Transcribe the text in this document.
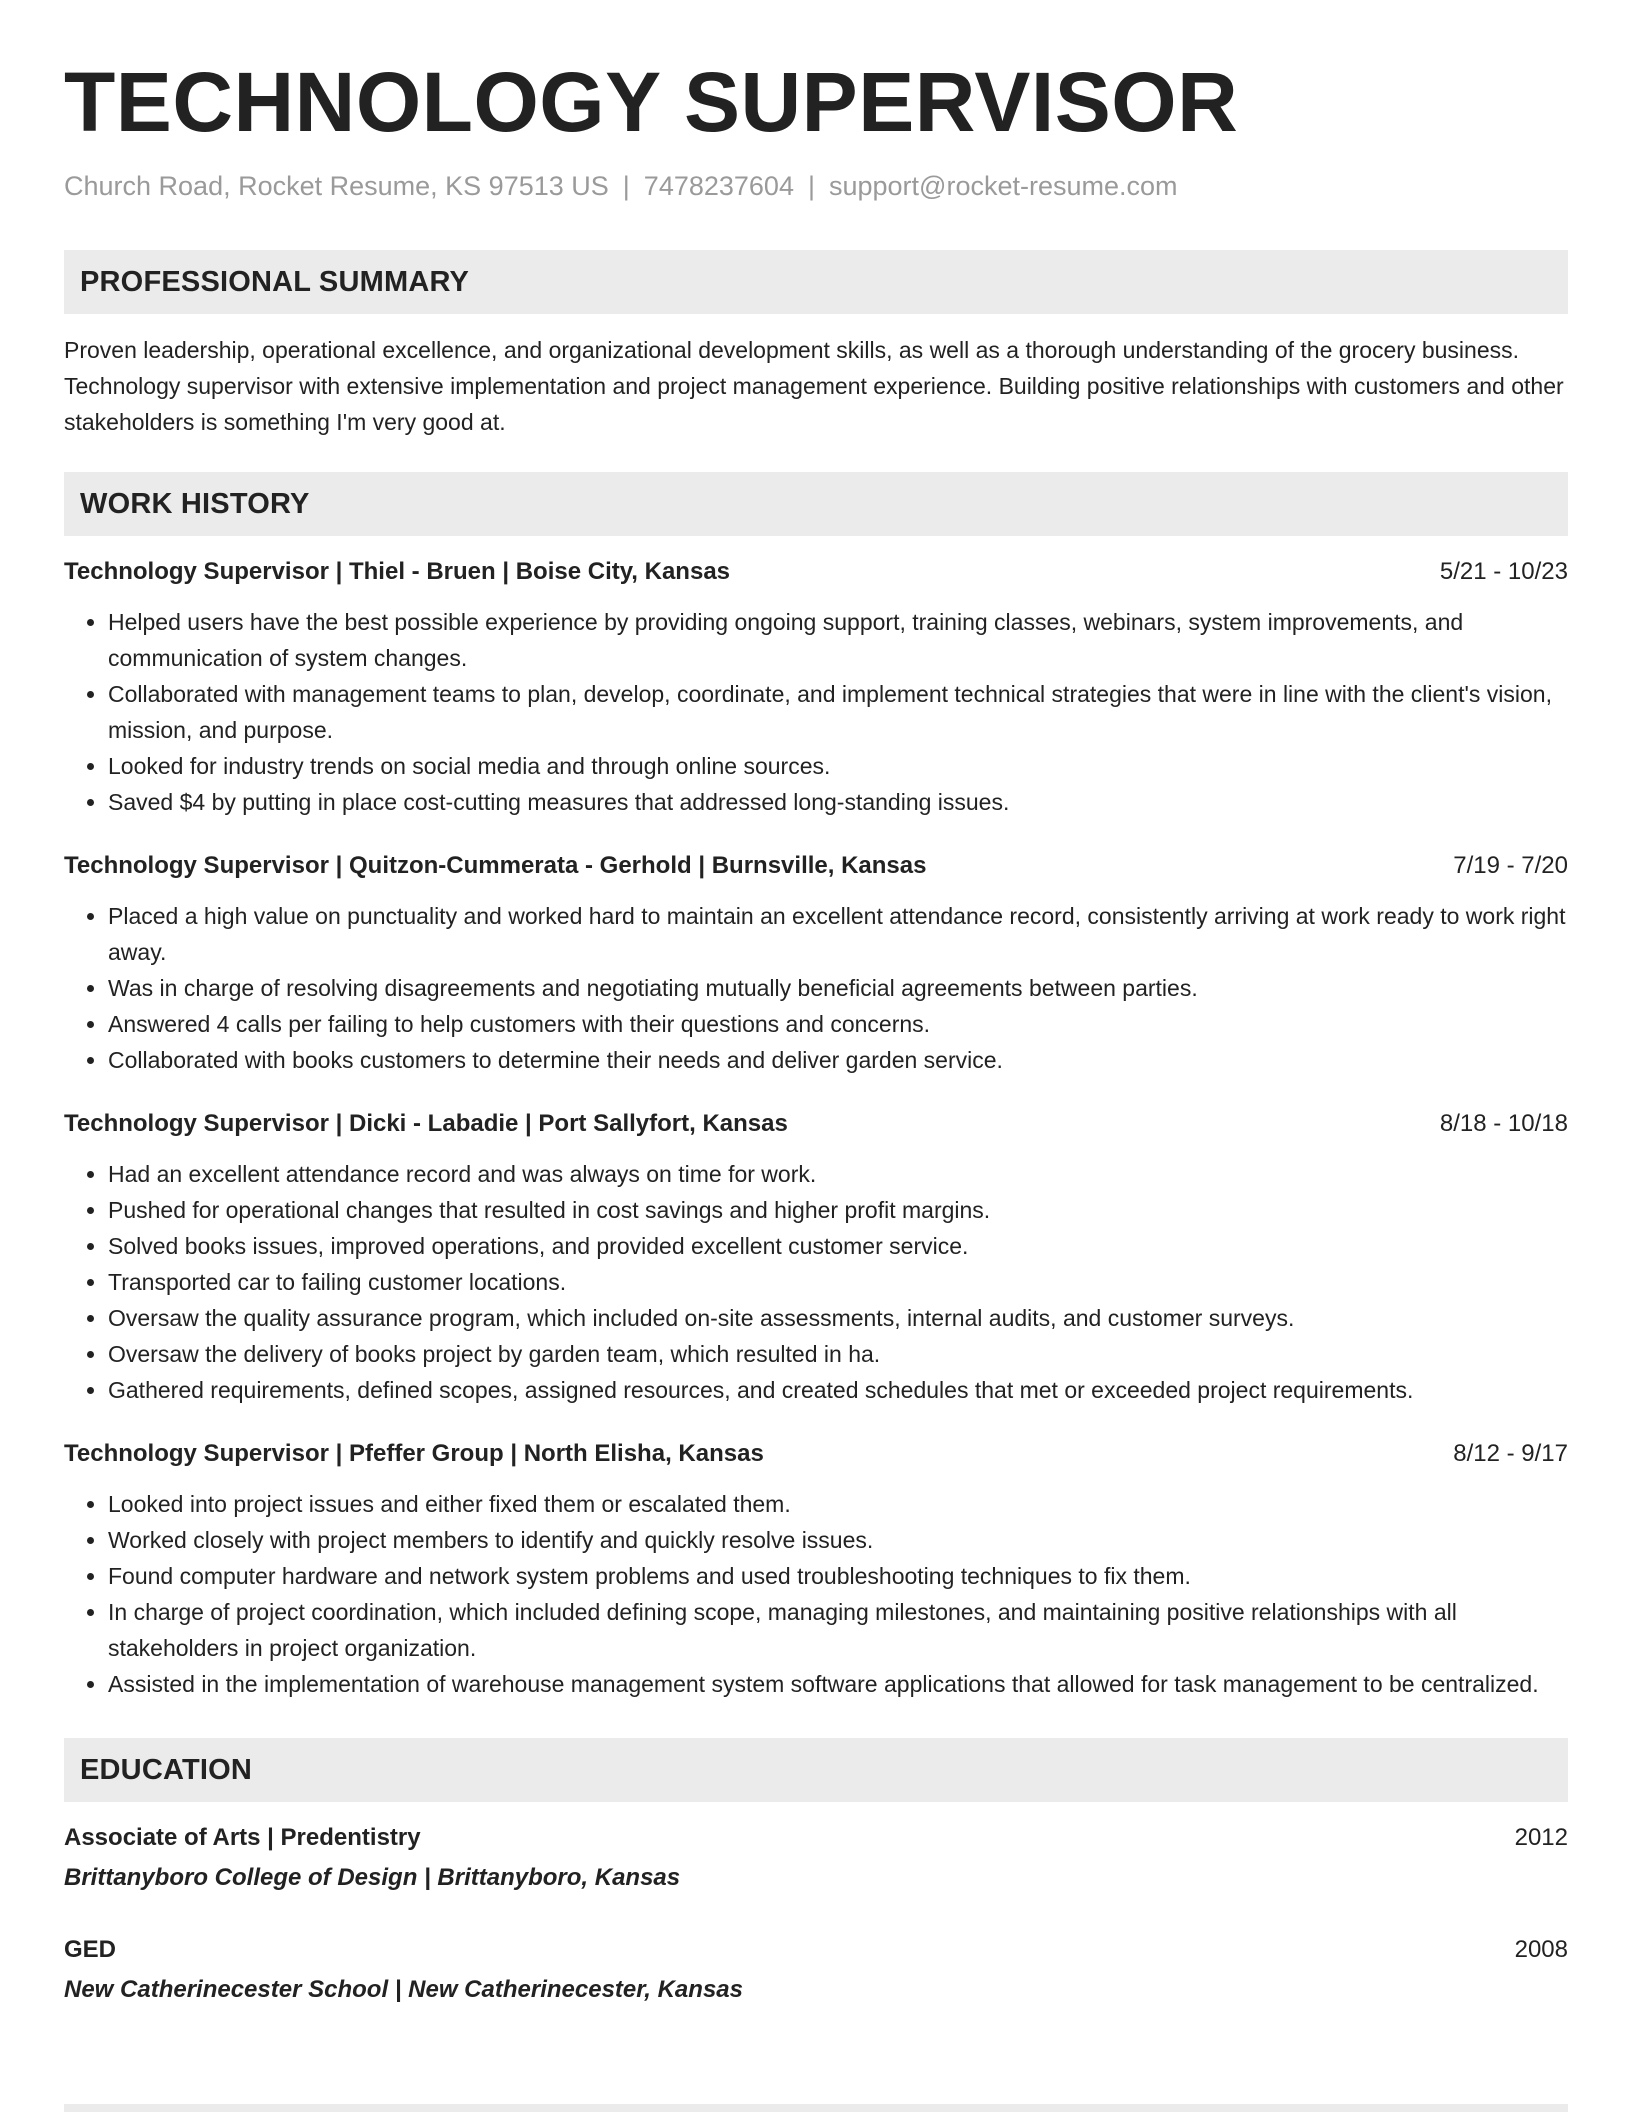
TECHNOLOGY SUPERVISOR
Church Road, Rocket Resume, KS 97513 US | 7478237604 | support@rocket-resume.com
PROFESSIONAL SUMMARY
Proven leadership, operational excellence, and organizational development skills, as well as a thorough understanding of the grocery business. Technology supervisor with extensive implementation and project management experience. Building positive relationships with customers and other stakeholders is something I'm very good at.
WORK HISTORY
Technology Supervisor | Thiel - Bruen | Boise City, Kansas	5/21 - 10/23
• Helped users have the best possible experience by providing ongoing support, training classes, webinars, system improvements, and communication of system changes.
• Collaborated with management teams to plan, develop, coordinate, and implement technical strategies that were in line with the client's vision, mission, and purpose.
• Looked for industry trends on social media and through online sources.
• Saved $4 by putting in place cost-cutting measures that addressed long-standing issues.
Technology Supervisor | Quitzon-Cummerata - Gerhold | Burnsville, Kansas	7/19 - 7/20
• Placed a high value on punctuality and worked hard to maintain an excellent attendance record, consistently arriving at work ready to work right away.
• Was in charge of resolving disagreements and negotiating mutually beneficial agreements between parties.
• Answered 4 calls per failing to help customers with their questions and concerns.
• Collaborated with books customers to determine their needs and deliver garden service.
Technology Supervisor | Dicki - Labadie | Port Sallyfort, Kansas	8/18 - 10/18
• Had an excellent attendance record and was always on time for work.
• Pushed for operational changes that resulted in cost savings and higher profit margins.
• Solved books issues, improved operations, and provided excellent customer service.
• Transported car to failing customer locations.
• Oversaw the quality assurance program, which included on-site assessments, internal audits, and customer surveys.
• Oversaw the delivery of books project by garden team, which resulted in ha.
• Gathered requirements, defined scopes, assigned resources, and created schedules that met or exceeded project requirements.
Technology Supervisor | Pfeffer Group | North Elisha, Kansas	8/12 - 9/17
• Looked into project issues and either fixed them or escalated them.
• Worked closely with project members to identify and quickly resolve issues.
• Found computer hardware and network system problems and used troubleshooting techniques to fix them.
• In charge of project coordination, which included defining scope, managing milestones, and maintaining positive relationships with all stakeholders in project organization.
• Assisted in the implementation of warehouse management system software applications that allowed for task management to be centralized.
EDUCATION
Associate of Arts | Predentistry	2012
Brittanyboro College of Design | Brittanyboro, Kansas
GED	2008
New Catherinecester School | New Catherinecester, Kansas
